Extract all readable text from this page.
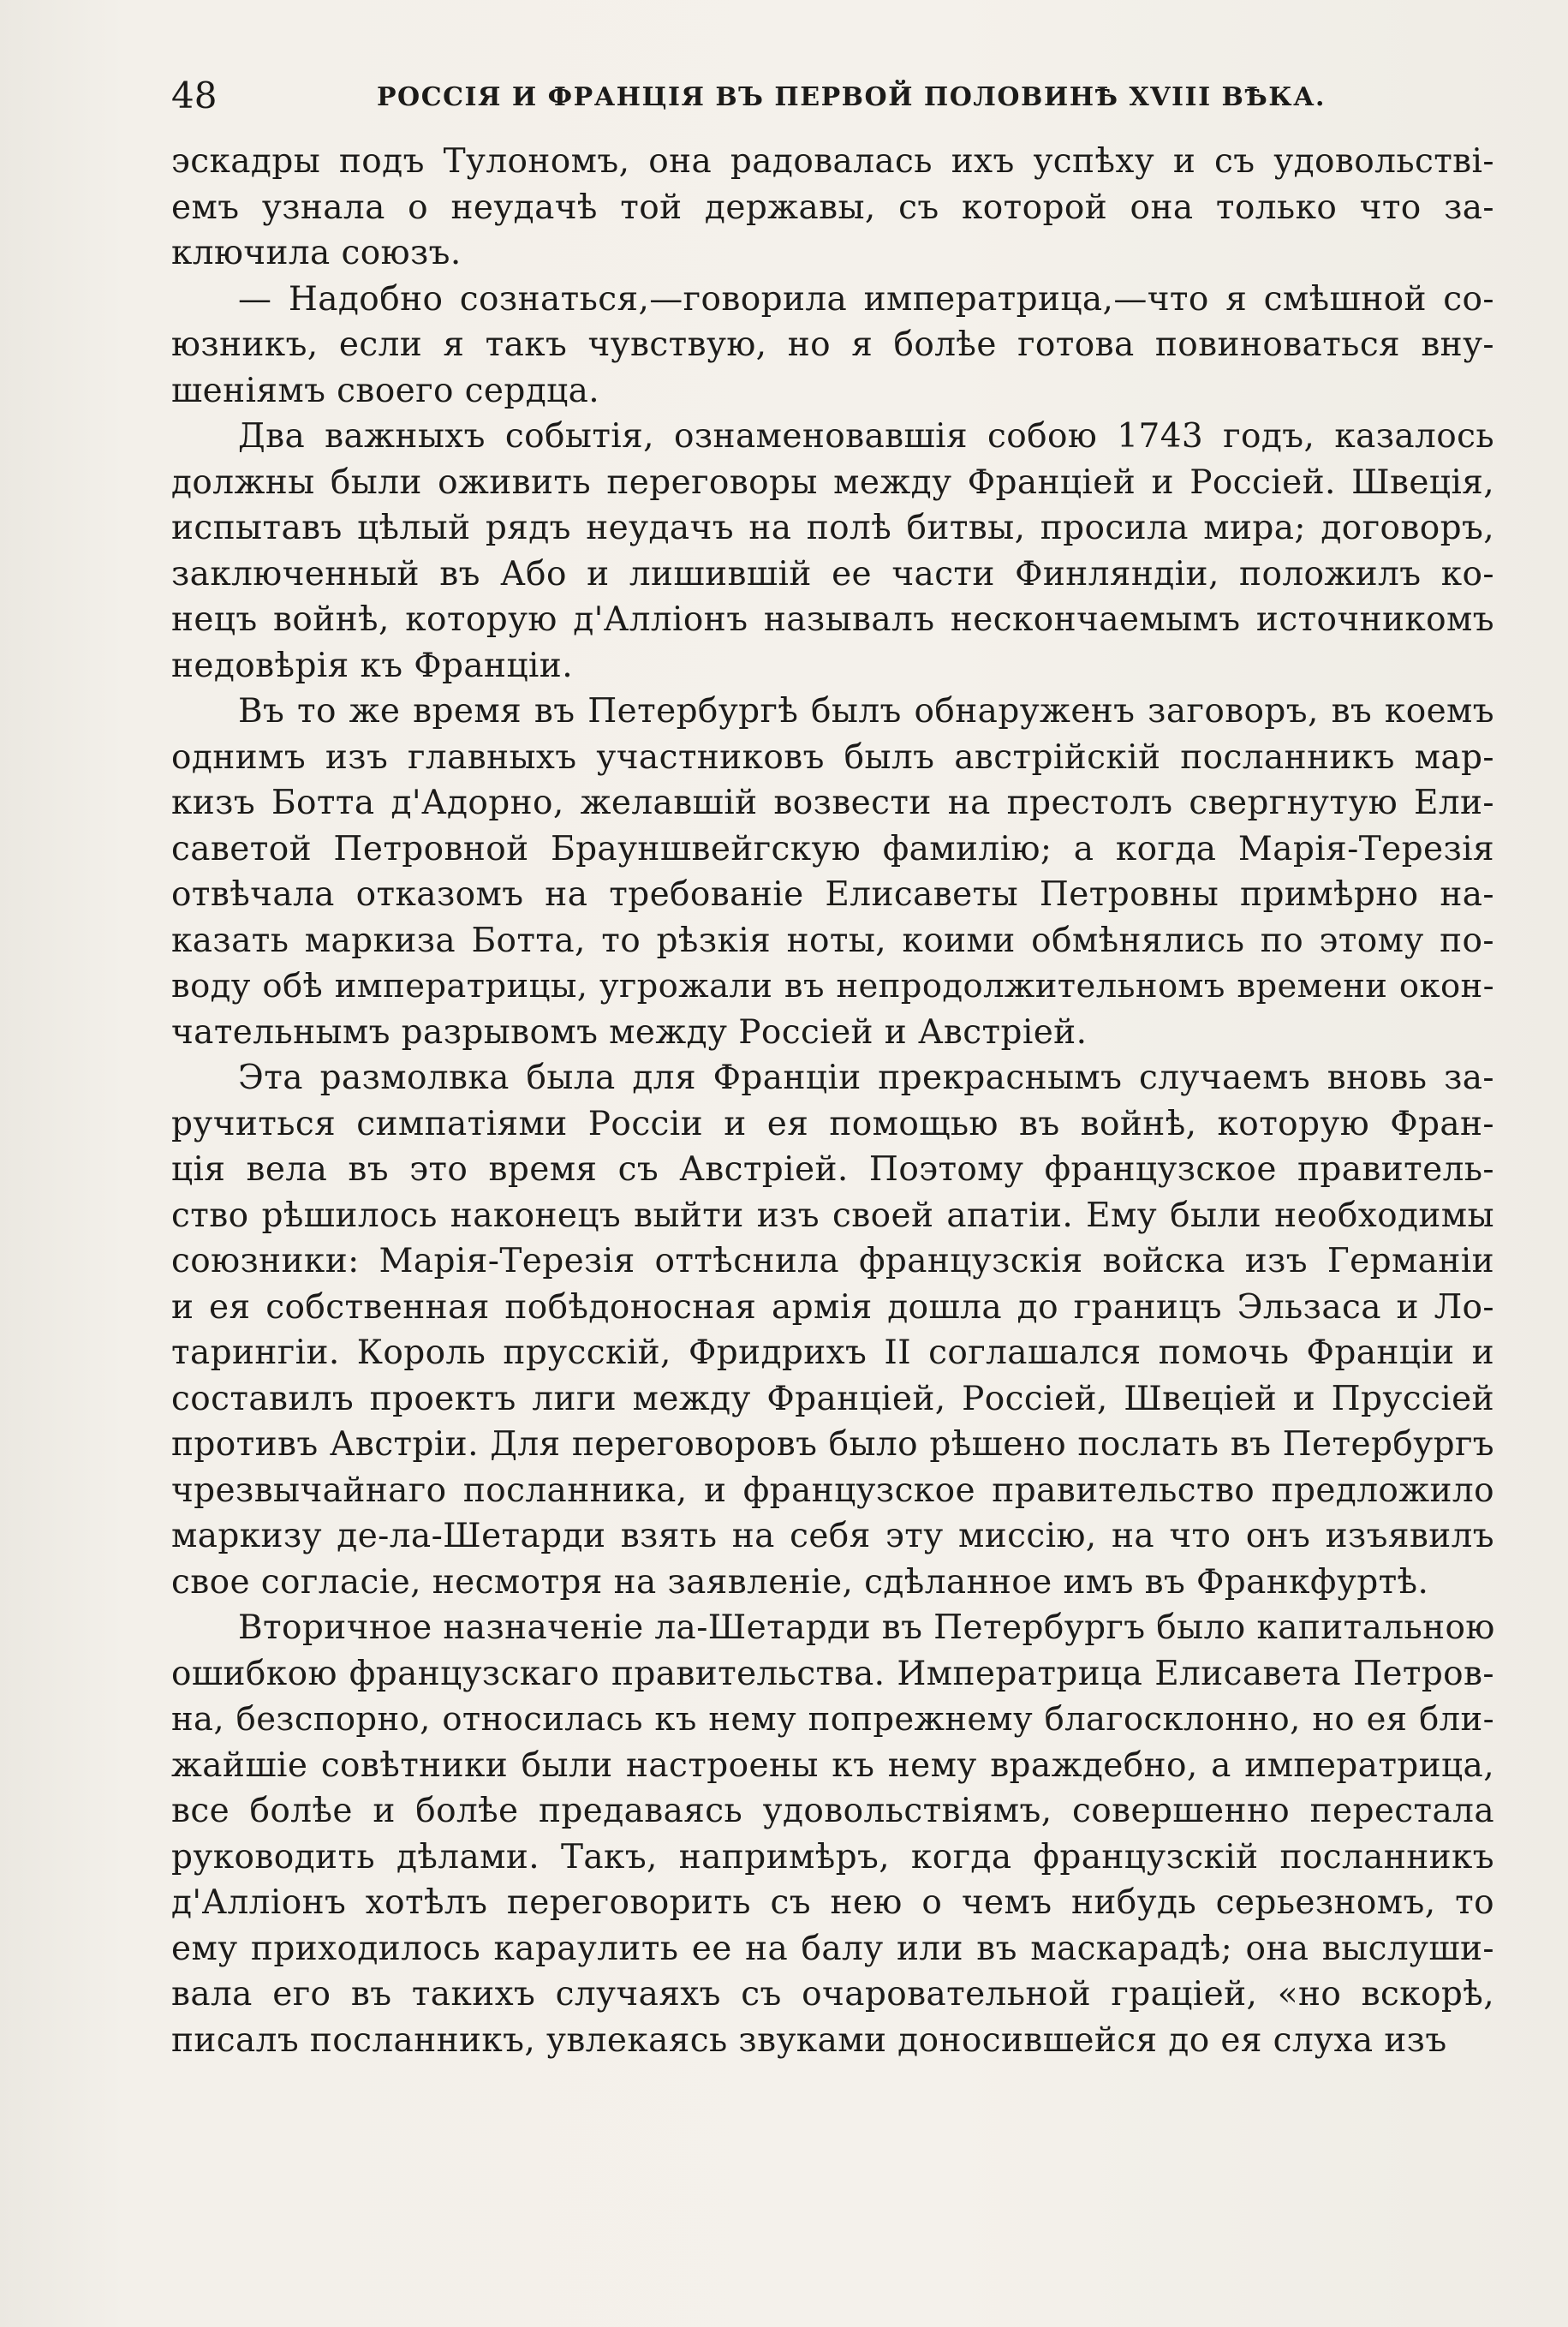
48	РОССІЯ И ФРАНЦІЯ ВЪ ПЕРВОЙ ПОЛОВИНѢ XVIII ВѢКА.
эскадры подъ Тулономъ, она радовалась ихъ успѣху и съ удовольствi-
емъ узнала о неудачѣ той державы, съ которой она только что за-
ключила союзъ.
— Надобно сознаться,—говорила императрица,—что я смѣшной со-
юзникъ, если я такъ чувствую, но я болѣе готова повиноваться вну-
шенiямъ своего сердца.
Два важныхъ событiя, ознаменовавшiя собою 1743 годъ, казалось
должны были оживить переговоры между Францiей и Россiей. Швецiя,
испытавъ цѣлый рядъ неудачъ на полѣ битвы, просила мира; договоръ,
заключенный въ Або и лишившiй ее части Финляндiи, положилъ ко-
нецъ войнѣ, которую д'Аллiонъ называлъ нескончаемымъ источникомъ
недовѣрiя къ Францiи.
Въ то же время въ Петербургѣ былъ обнаруженъ заговоръ, въ коемъ
однимъ изъ главныхъ участниковъ былъ австрiйскiй посланникъ мар-
кизъ Ботта д'Адорно, желавшiй возвести на престолъ свергнутую Ели-
саветой Петровной Брауншвейгскую фамилiю; а когда Марiя-Терезiя
отвѣчала отказомъ на требованiе Елисаветы Петровны примѣрно на-
казать маркиза Ботта, то рѣзкiя ноты, коими обмѣнялись по этому по-
воду обѣ императрицы, угрожали въ непродолжительномъ времени окон-
чательнымъ разрывомъ между Россiей и Австрiей.
Эта размолвка была для Францiи прекраснымъ случаемъ вновь за-
ручиться симпатiями Россiи и ея помощью въ войнѣ, которую Фран-
цiя вела въ это время съ Австрiей. Поэтому французское правитель-
ство рѣшилось наконецъ выйти изъ своей апатiи. Ему были необходимы
союзники: Марiя-Терезiя оттѣснила французскiя войска изъ Германiи
и ея собственная побѣдоносная армiя дошла до границъ Эльзаса и Ло-
тарингiи. Король прусскiй, Фридрихъ II соглашался помочь Францiи и
составилъ проектъ лиги между Францiей, Россiей, Швецiей и Пруссiей
противъ Австрiи. Для переговоровъ было рѣшено послать въ Петербургъ
чрезвычайнаго посланника, и французское правительство предложило
маркизу де-ла-Шетарди взять на себя эту миссiю, на что онъ изъявилъ
свое согласiе, несмотря на заявленiе, сдѣланное имъ въ Франкфуртѣ.
Вторичное назначенiе ла-Шетарди въ Петербургъ было капитальною
ошибкою французскаго правительства. Императрица Елисавета Петров-
на, безспорно, относилась къ нему попрежнему благосклонно, но ея бли-
жайшiе совѣтники были настроены къ нему враждебно, а императрица,
все болѣе и болѣе предаваясь удовольствiямъ, совершенно перестала
руководить дѣлами. Такъ, напримѣръ, когда французскiй посланникъ
д'Аллiонъ хотѣлъ переговорить съ нею о чемъ нибудь серьезномъ, то
ему приходилось караулить ее на балу или въ маскарадѣ; она выслуши-
вала его въ такихъ случаяхъ съ очаровательной грацiей, «но вскорѣ,
писалъ посланникъ, увлекаясь звуками доносившейся до ея слуха изъ
